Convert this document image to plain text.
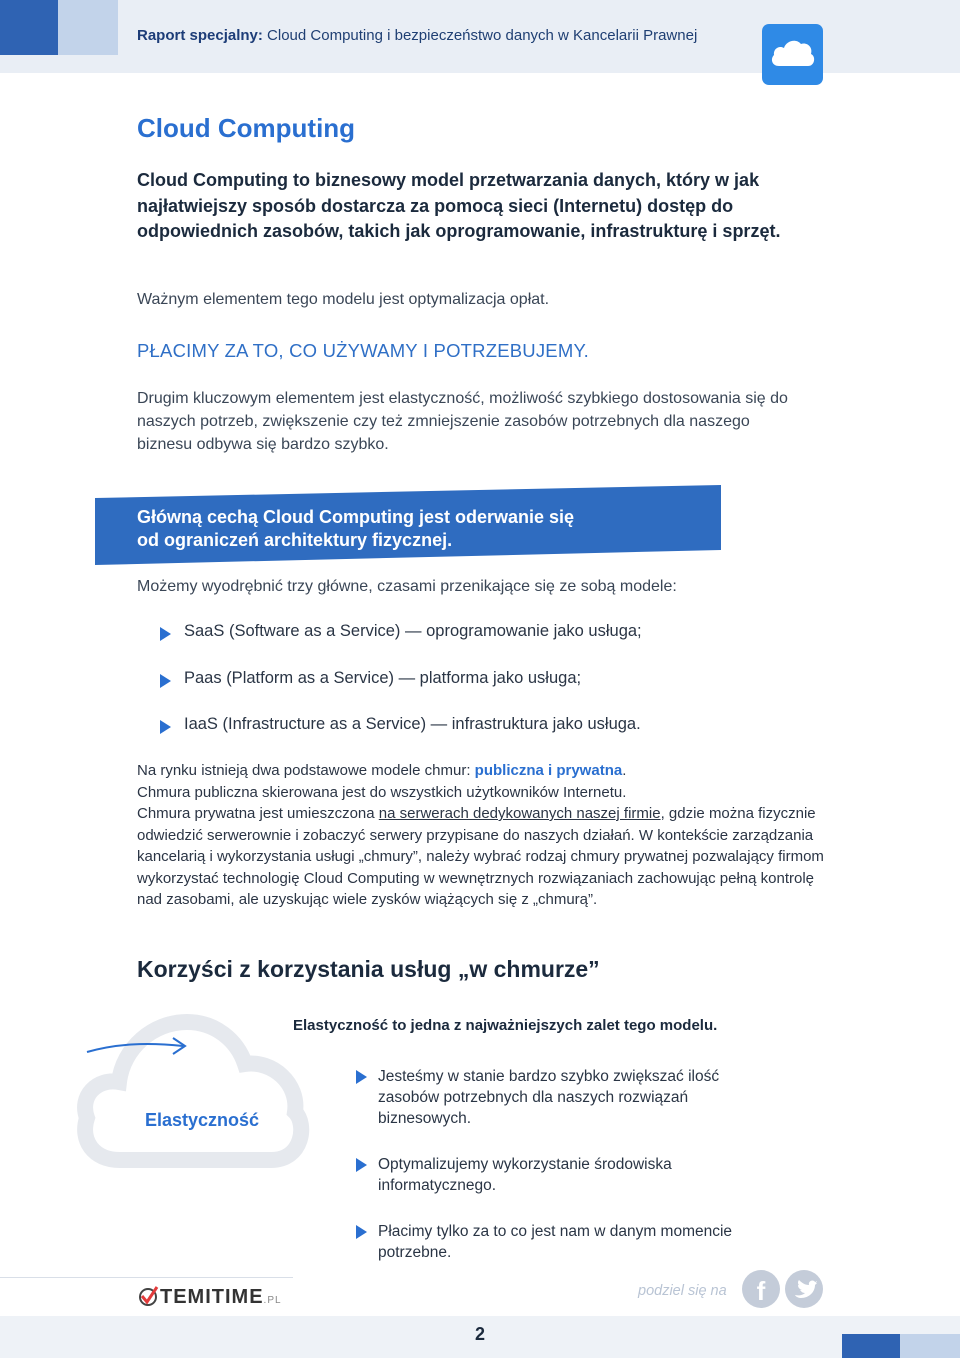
Raport specjalny: Cloud Computing i bezpieczeństwo danych w Kancelarii Prawnej
Cloud Computing
Cloud Computing to biznesowy model przetwarzania danych, który w jak najłatwiejszy sposób dostarcza za pomocą sieci (Internetu) dostęp do odpowiednich zasobów, takich jak oprogramowanie, infrastrukturę i sprzęt.
Ważnym elementem tego modelu jest optymalizacja opłat.
PŁACIMY ZA TO, CO UŻYWAMY I POTRZEBUJEMY.
Drugim kluczowym elementem jest elastyczność, możliwość szybkiego dostosowania się do naszych potrzeb, zwiększenie czy też zmniejszenie zasobów potrzebnych dla naszego biznesu odbywa się bardzo szybko.
Główną cechą Cloud Computing jest oderwanie się
od ograniczeń architektury fizycznej.
Możemy wyodrębnić trzy główne, czasami przenikające się ze sobą modele:
SaaS (Software as a Service) — oprogramowanie jako usługa;
Paas (Platform as a Service) — platforma jako usługa;
IaaS (Infrastructure as a Service) — infrastruktura jako usługa.
Na rynku istnieją dwa podstawowe modele chmur: publiczna i prywatna.
Chmura publiczna skierowana jest do wszystkich użytkowników Internetu.
Chmura prywatna jest umieszczona na serwerach dedykowanych naszej firmie, gdzie można fizycznie odwiedzić serwerownie i zobaczyć serwery przypisane do naszych działań. W kontekście zarządzania kancelarią i wykorzystania usługi „chmury”, należy wybrać rodzaj chmury prywatnej pozwalający firmom wykorzystać technologię Cloud Computing w wewnętrznych rozwiązaniach zachowując pełną kontrolę nad zasobami, ale uzyskując wiele zysków wiążących się z „chmurą”.
Korzyści z korzystania usług „w chmurze”
Elastyczność
Elastyczność to jedna z najważniejszych zalet tego modelu.
Jesteśmy w stanie bardzo szybko zwiększać ilość zasobów potrzebnych dla naszych rozwiązań biznesowych.
Optymalizujemy wykorzystanie środowiska informatycznego.
Płacimy tylko za to co jest nam w danym momencie potrzebne.
TEMITIME.PL
podziel się na	f
2
